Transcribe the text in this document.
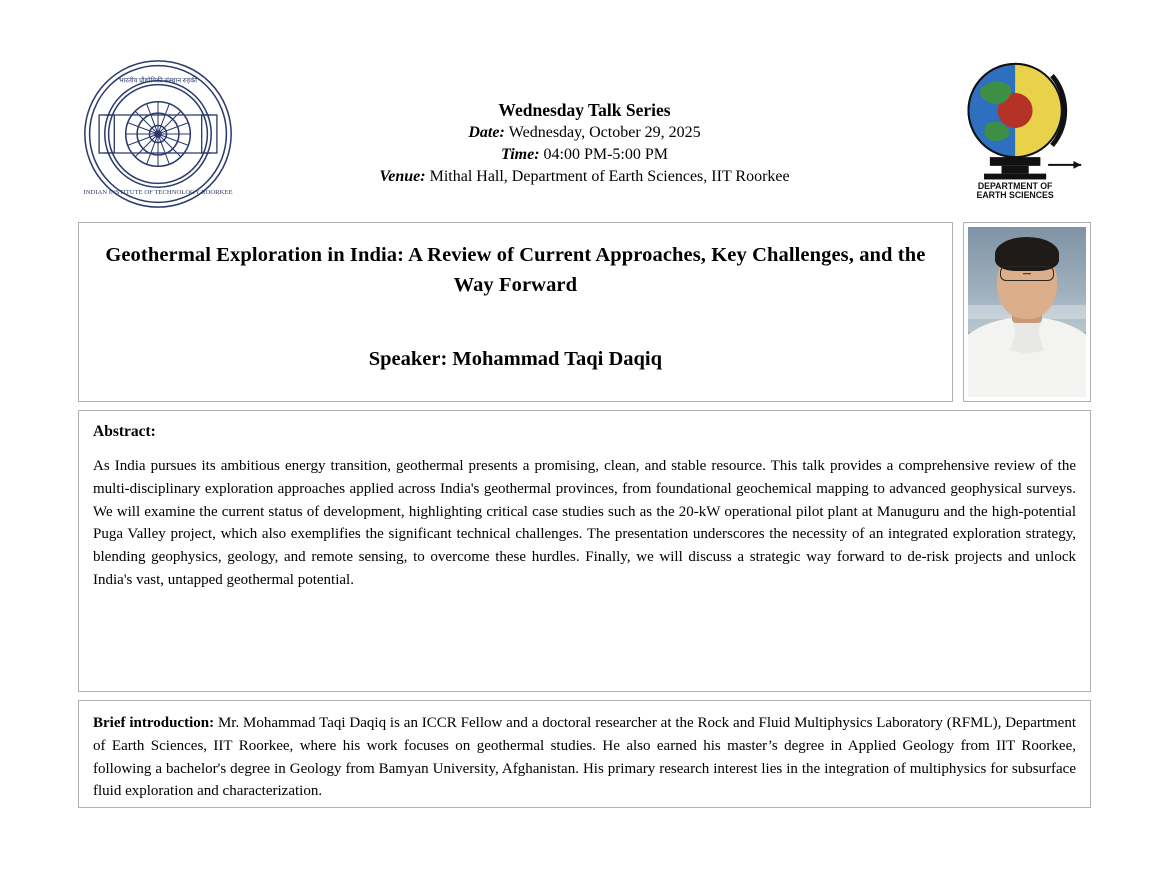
भारतीय प्रौद्योगिकी संस्थान रुड़की
INDIAN INSTITUTE OF TECHNOLOGY ROORKEE
Wednesday Talk Series
Date: Wednesday, October 29, 2025
Time: 04:00 PM-5:00 PM
Venue: Mithal Hall, Department of Earth Sciences, IIT Roorkee
DEPARTMENT OF
EARTH SCIENCES
Geothermal Exploration in India: A Review of Current Approaches, Key Challenges, and the Way Forward
Speaker: Mohammad Taqi Daqiq
Abstract:
As India pursues its ambitious energy transition, geothermal presents a promising, clean, and stable resource. This talk provides a comprehensive review of the multi-disciplinary exploration approaches applied across India's geothermal provinces, from foundational geochemical mapping to advanced geophysical surveys. We will examine the current status of development, highlighting critical case studies such as the 20-kW operational pilot plant at Manuguru and the high-potential Puga Valley project, which also exemplifies the significant technical challenges. The presentation underscores the necessity of an integrated exploration strategy, blending geophysics, geology, and remote sensing, to overcome these hurdles. Finally, we will discuss a strategic way forward to de-risk projects and unlock India's vast, untapped geothermal potential.
Brief introduction: Mr. Mohammad Taqi Daqiq is an ICCR Fellow and a doctoral researcher at the Rock and Fluid Multiphysics Laboratory (RFML), Department of Earth Sciences, IIT Roorkee, where his work focuses on geothermal studies. He also earned his master’s degree in Applied Geology from IIT Roorkee, following a bachelor's degree in Geology from Bamyan University, Afghanistan. His primary research interest lies in the integration of multiphysics for subsurface fluid exploration and characterization.
